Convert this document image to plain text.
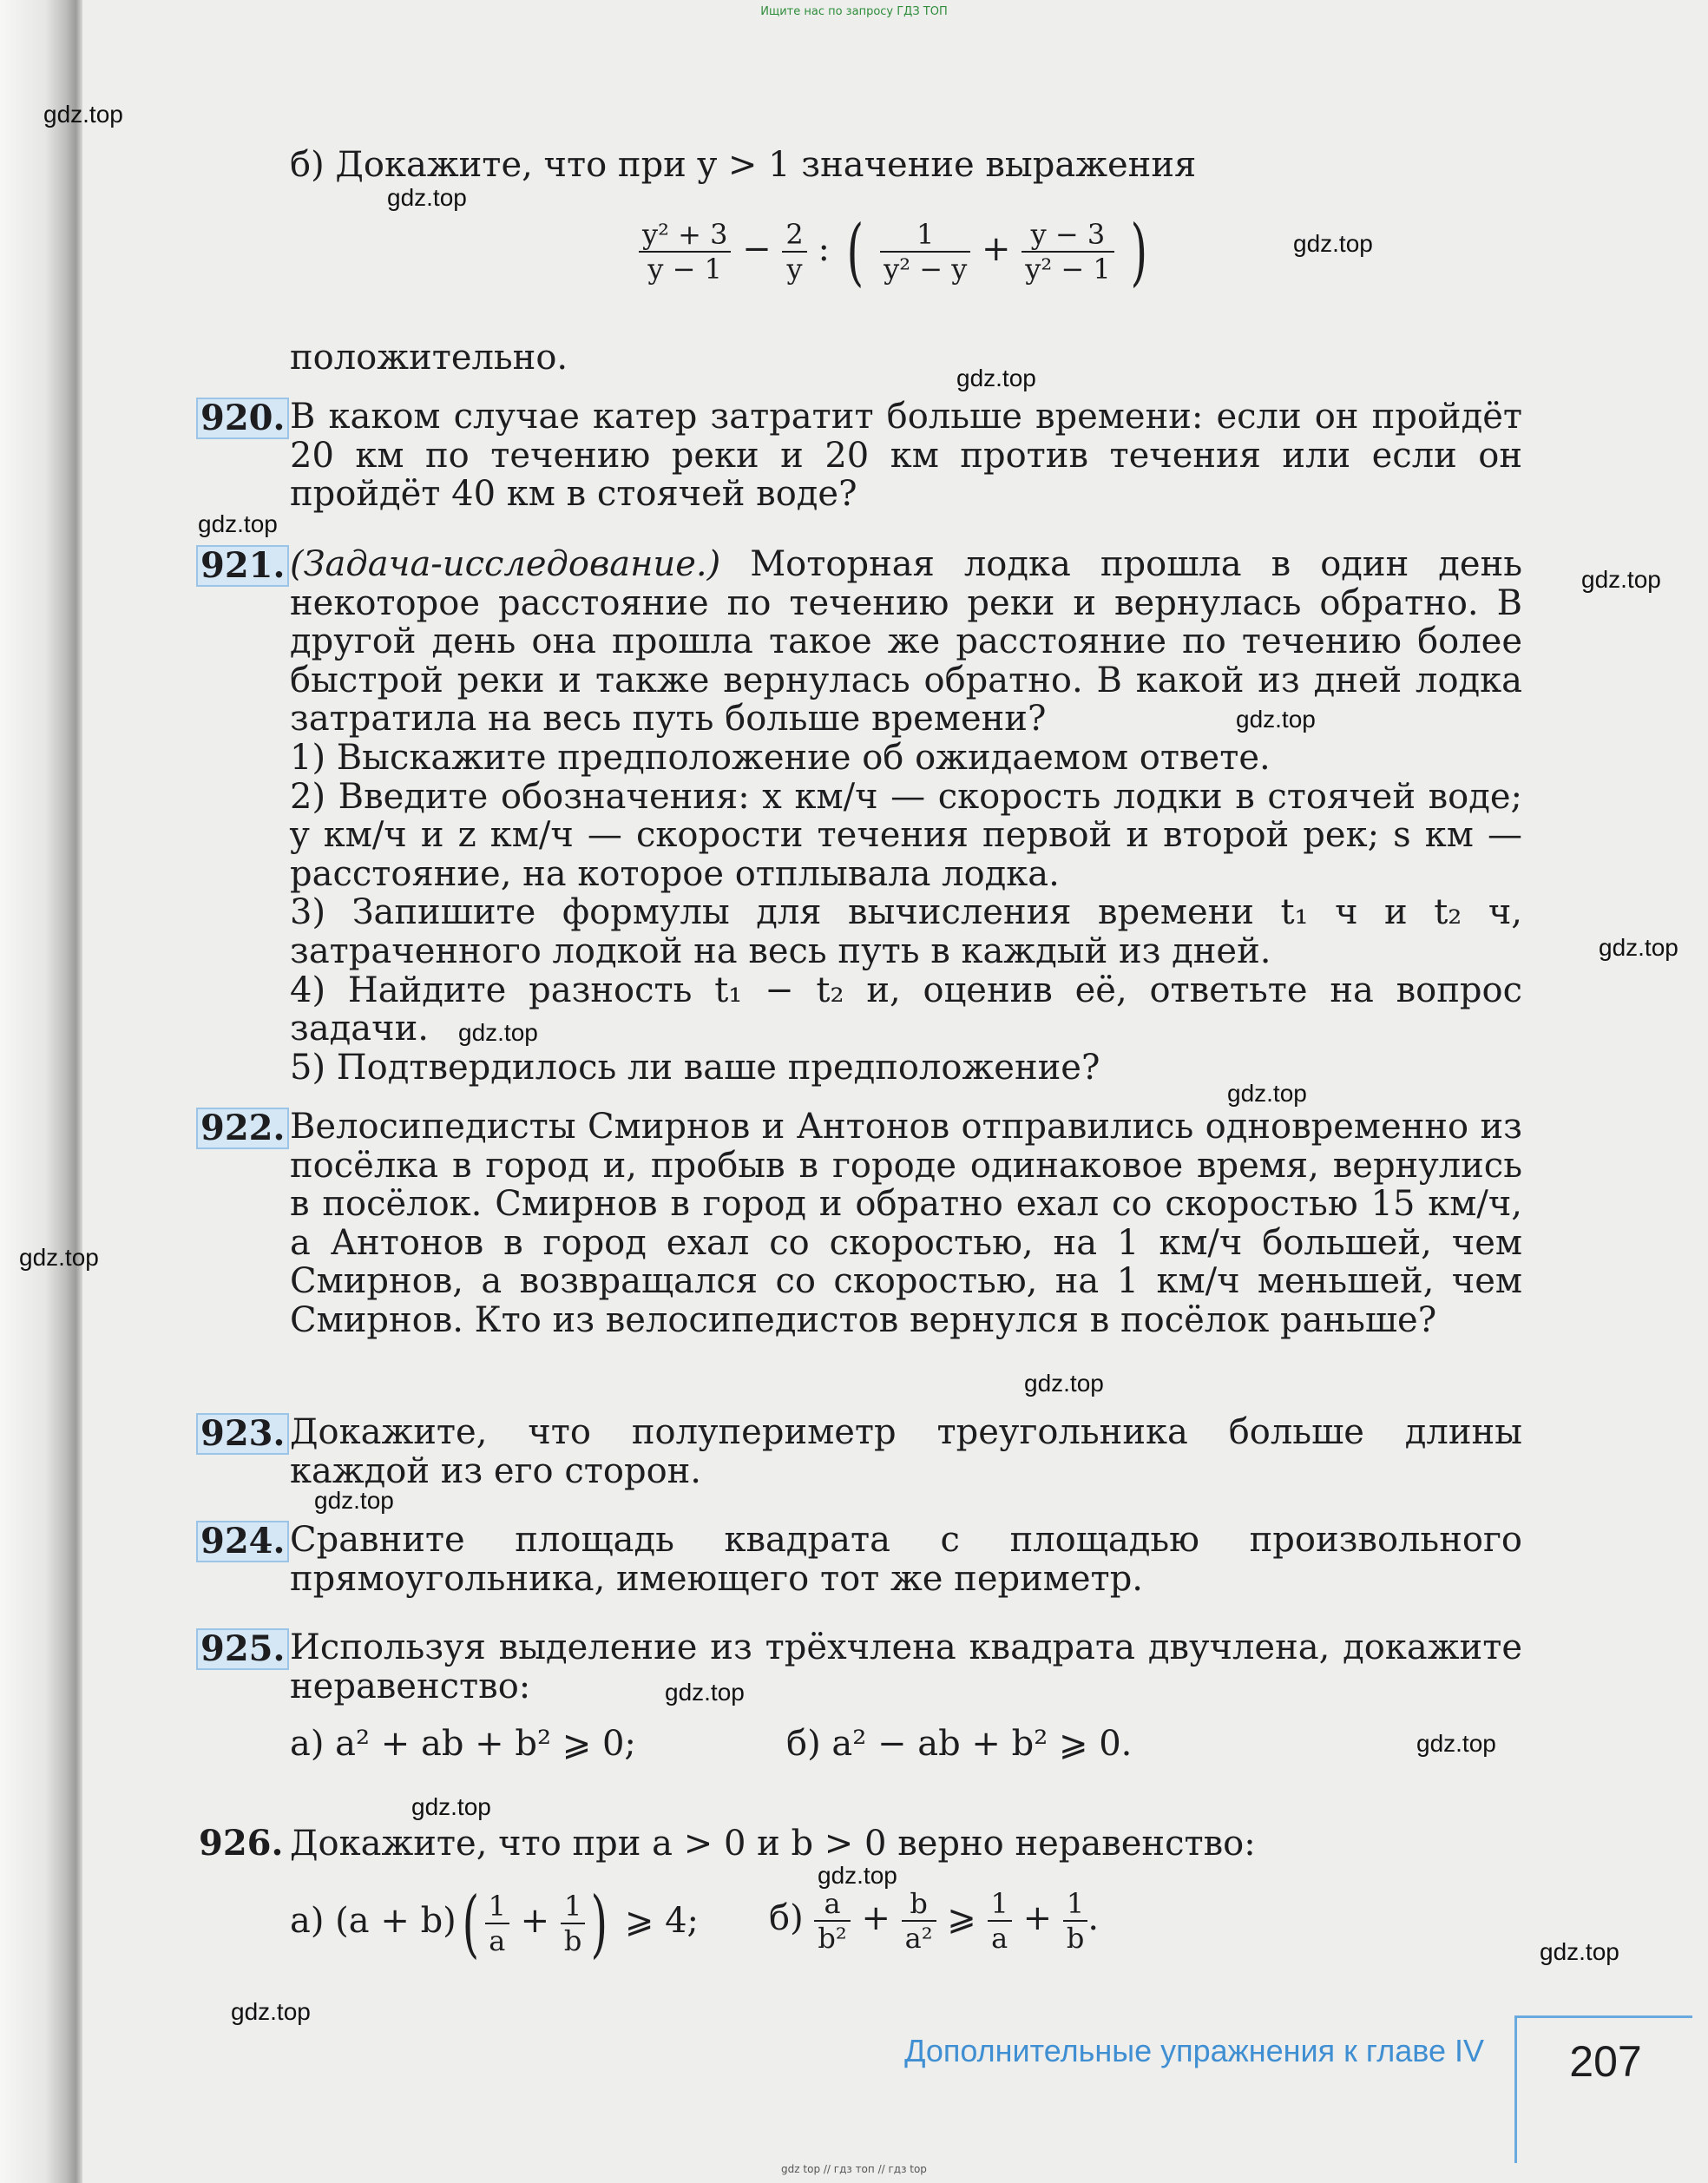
Ищите нас по запросу ГДЗ ТОП
gdz.top
gdz.top
gdz.top
gdz.top
gdz.top
gdz.top
gdz.top
gdz.top
gdz.top
gdz.top
gdz.top
gdz.top
gdz.top
gdz.top
gdz.top
gdz.top
gdz.top
gdz.top
gdz.top
б) Докажите, что при y > 1 значение выражения
$\frac{\text{y² + 3}}{y - 1} - \frac{2}{y}$ : ( $\frac{1}{\text{y² − y}} + \frac{y - 3}{\text{y² − 1}}$ )
положительно.
920. В каком случае катер затратит больше времени: если он пройдёт 20 км по течению реки и 20 км против течения или если он пройдёт 40 км в стоячей воде?
921. (Задача-исследование.) Моторная лодка прошла в один день некоторое расстояние по течению реки и вернулась обратно. В другой день она прошла такое же расстояние по течению более быстрой реки и также вернулась обратно. В какой из дней лодка затратила на весь путь больше времени?

1) Выскажите предположение об ожидаемом ответе.

2) Введите обозначения: x км/ч — скорость лодки в стоячей воде; y км/ч и z км/ч — скорости течения первой и второй рек; s км — расстояние, на которое отплывала лодка.

3) Запишите формулы для вычисления времени t₁ ч и t₂ ч, затраченного лодкой на весь путь в каждый из дней.

4) Найдите разность t₁ − t₂ и, оценив её, ответьте на вопрос задачи.

5) Подтвердилось ли ваше предположение?

922. Велосипедисты Смирнов и Антонов отправились одновременно из посёлка в город и, пробыв в городе одинаковое время, вернулись в посёлок. Смирнов в город и обратно ехал со скоростью 15 км/ч, а Антонов в город ехал со скоростью, на 1 км/ч большей, чем Смирнов, а возвращался со скоростью, на 1 км/ч меньшей, чем Смирнов. Кто из велосипедистов вернулся в посёлок раньше?
923. Докажите, что полупериметр треугольника больше длины каждой из его сторон.
924. Сравните площадь квадрата с площадью произвольного прямоугольника, имеющего тот же периметр.
925. Используя выделение из трёхчлена квадрата двучлена, докажите неравенство:
а) a² + ab + b² ⩾ 0;	б) a² − ab + b² ⩾ 0.
926. Докажите, что при a > 0 и b > 0 верно неравенство:
а) $(a + b)( \frac{1}{a} + \frac{1}{b}$ ) ⩾ 4; $б) \frac{a}{\text{b²}} + \frac{b}{\text{a²}}$ ⩾ $\frac{1}{a} + \frac{1}{b}$ .
Дополнительные упражнения к главе IV	207
gdz top // гдз топ // гдз top
